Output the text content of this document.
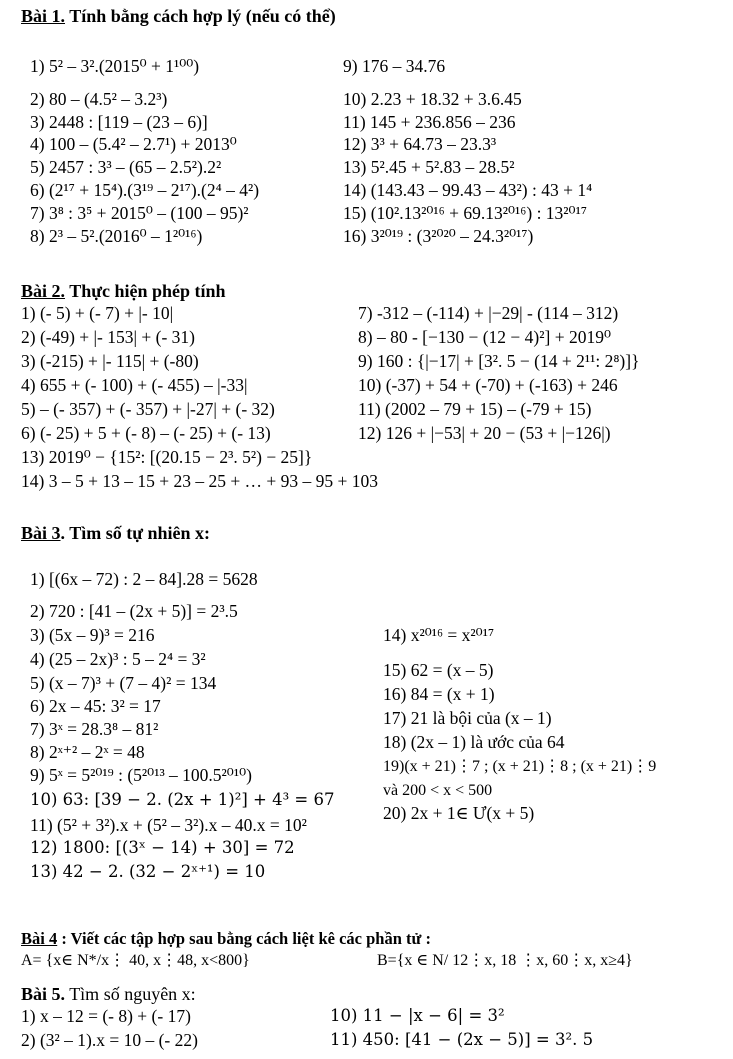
Bài 1. Tính bằng cách hợp lý (nếu có thể)
1) 5² – 3².(2015⁰ + 1¹⁰⁰)
2) 80 – (4.5² – 3.2³)
3) 2448 : [119 – (23 – 6)]
4) 100 – (5.4² – 2.7¹) + 2013⁰
5) 2457 : 3³ – (65 – 2.5²).2²
6) (2¹⁷ + 15⁴).(3¹⁹ – 2¹⁷).(2⁴ – 4²)
7) 3⁸ : 3⁵ + 2015⁰ – (100 – 95)²
8) 2³ – 5².(2016⁰ – 1²⁰¹⁶)
9) 176 – 34.76
10) 2.23 + 18.32 + 3.6.45
11) 145 + 236.856 – 236
12) 3³ + 64.73 – 23.3³
13) 5².45 + 5².83 – 28.5²
14) (143.43 – 99.43 – 43²) : 43 + 1⁴
15) (10².13²⁰¹⁶ + 69.13²⁰¹⁶) : 13²⁰¹⁷
16) 3²⁰¹⁹ : (3²⁰²⁰ – 24.3²⁰¹⁷)
Bài 2. Thực hiện phép tính
1) (- 5) + (- 7) + |- 10|
2) (-49) + |- 153| + (- 31)
3) (-215) + |- 115| + (-80)
4) 655 + (- 100) + (- 455) – |-33|
5) – (- 357) + (- 357) + |-27| + (- 32)
6) (- 25) + 5 + (- 8) – (- 25) + (- 13)
7) -312 – (-114) + |−29| - (114 – 312)
8) – 80 - [−130 − (12 − 4)²] + 2019⁰
9) 160 : {|−17| + [3². 5 − (14 + 2¹¹: 2⁸)]}
10) (-37) + 54 + (-70) + (-163) + 246
11) (2002 – 79 + 15) – (-79 + 15)
12) 126 + |−53| + 20 − (53 + |−126|)
13) 2019⁰ − {15²: [(20.15 − 2³. 5²) − 25]}
14) 3 – 5 + 13 – 15 + 23 – 25 + … + 93 – 95 + 103
Bài 3. Tìm số tự nhiên x:
1) [(6x – 72) : 2 – 84].28 = 5628
2) 720 : [41 – (2x + 5)] = 2³.5
3) (5x – 9)³ = 216
4) (25 – 2x)³ : 5 – 2⁴ = 3²
5) (x – 7)³ + (7 – 4)² = 134
6) 2x – 45: 3² = 17
7) 3ˣ = 28.3⁸ – 81²
8) 2ˣ⁺² – 2ˣ = 48
9) 5ˣ = 5²⁰¹⁹ : (5²⁰¹³ – 100.5²⁰¹⁰)
10) 63: [39 − 2. (2x + 1)²] + 4³ = 67
11) (5² + 3²).x + (5² – 3²).x – 40.x = 10²
12) 1800: [(3ˣ − 14) + 30] = 72
13) 42 − 2. (32 − 2ˣ⁺¹) = 10
14) x²⁰¹⁶ = x²⁰¹⁷
15) 62 = (x – 5)
16) 84 = (x + 1)
17) 21 là bội của (x – 1)
18) (2x – 1) là ước của 64
19)(x + 21)⋮7 ; (x + 21)⋮8 ; (x + 21)⋮9
và 200 < x < 500
20) 2x + 1∈ Ư(x + 5)
Bài 4 : Viết các tập hợp sau bằng cách liệt kê các phần tử :
A= {x∈ N*/x⋮ 40, x⋮48, x<800}	B={x ∈ N/ 12⋮x, 18 ⋮x, 60⋮x, x≥4}
Bài 5. Tìm số nguyên x:
1) x – 12 = (- 8) + (- 17)
2) (3² – 1).x = 10 – (- 22)
10) 11 − |x − 6| = 3²
11) 450: [41 − (2x − 5)] = 3². 5
